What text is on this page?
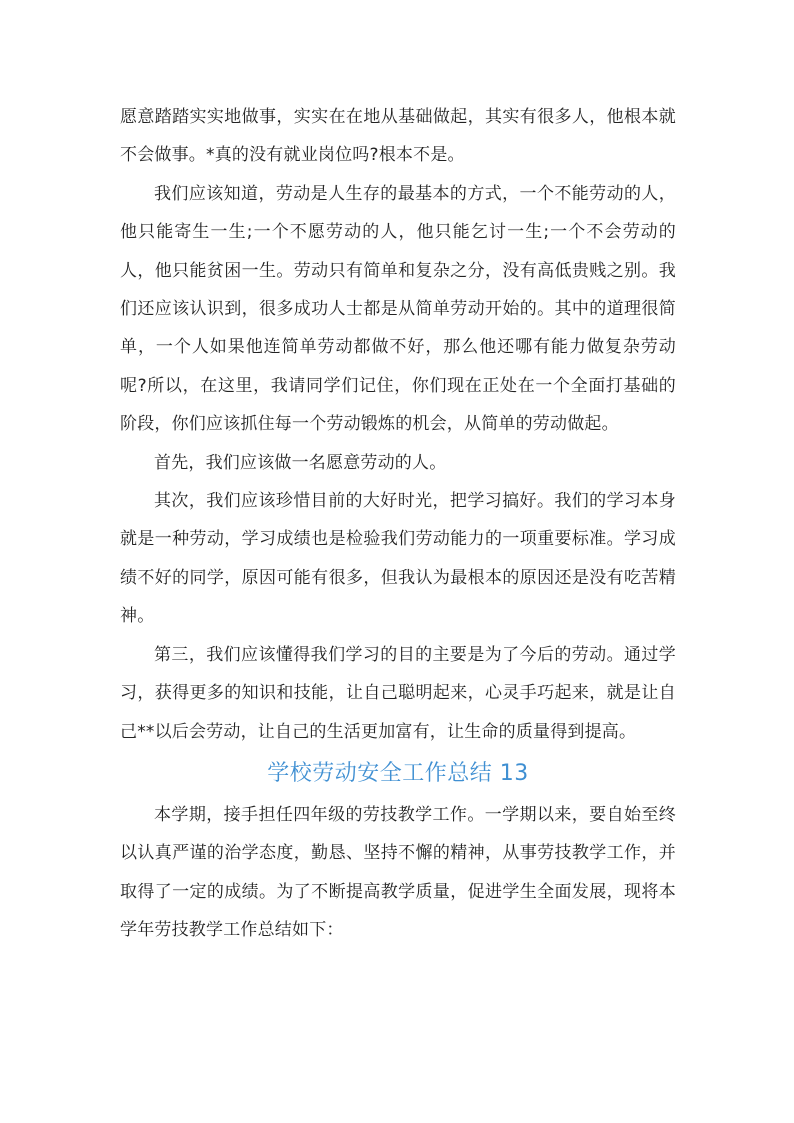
愿意踏踏实实地做事，实实在在地从基础做起，其实有很多人，他根本就不会做事。*真的没有就业岗位吗?根本不是。

我们应该知道，劳动是人生存的最基本的方式，一个不能劳动的人，他只能寄生一生;一个不愿劳动的人，他只能乞讨一生;一个不会劳动的人，他只能贫困一生。劳动只有简单和复杂之分，没有高低贵贱之别。我们还应该认识到，很多成功人士都是从简单劳动开始的。其中的道理很简单，一个人如果他连简单劳动都做不好，那么他还哪有能力做复杂劳动呢?所以，在这里，我请同学们记住，你们现在正处在一个全面打基础的阶段，你们应该抓住每一个劳动锻炼的机会，从简单的劳动做起。

首先，我们应该做一名愿意劳动的人。

其次，我们应该珍惜目前的大好时光，把学习搞好。我们的学习本身就是一种劳动，学习成绩也是检验我们劳动能力的一项重要标准。学习成绩不好的同学，原因可能有很多，但我认为最根本的原因还是没有吃苦精神。

第三，我们应该懂得我们学习的目的主要是为了今后的劳动。通过学习，获得更多的知识和技能，让自己聪明起来，心灵手巧起来，就是让自己**以后会劳动，让自己的生活更加富有，让生命的质量得到提高。

学校劳动安全工作总结 13

本学期，接手担任四年级的劳技教学工作。一学期以来，要自始至终以认真严谨的治学态度，勤恳、坚持不懈的精神，从事劳技教学工作，并取得了一定的成绩。为了不断提高教学质量，促进学生全面发展，现将本学年劳技教学工作总结如下：
